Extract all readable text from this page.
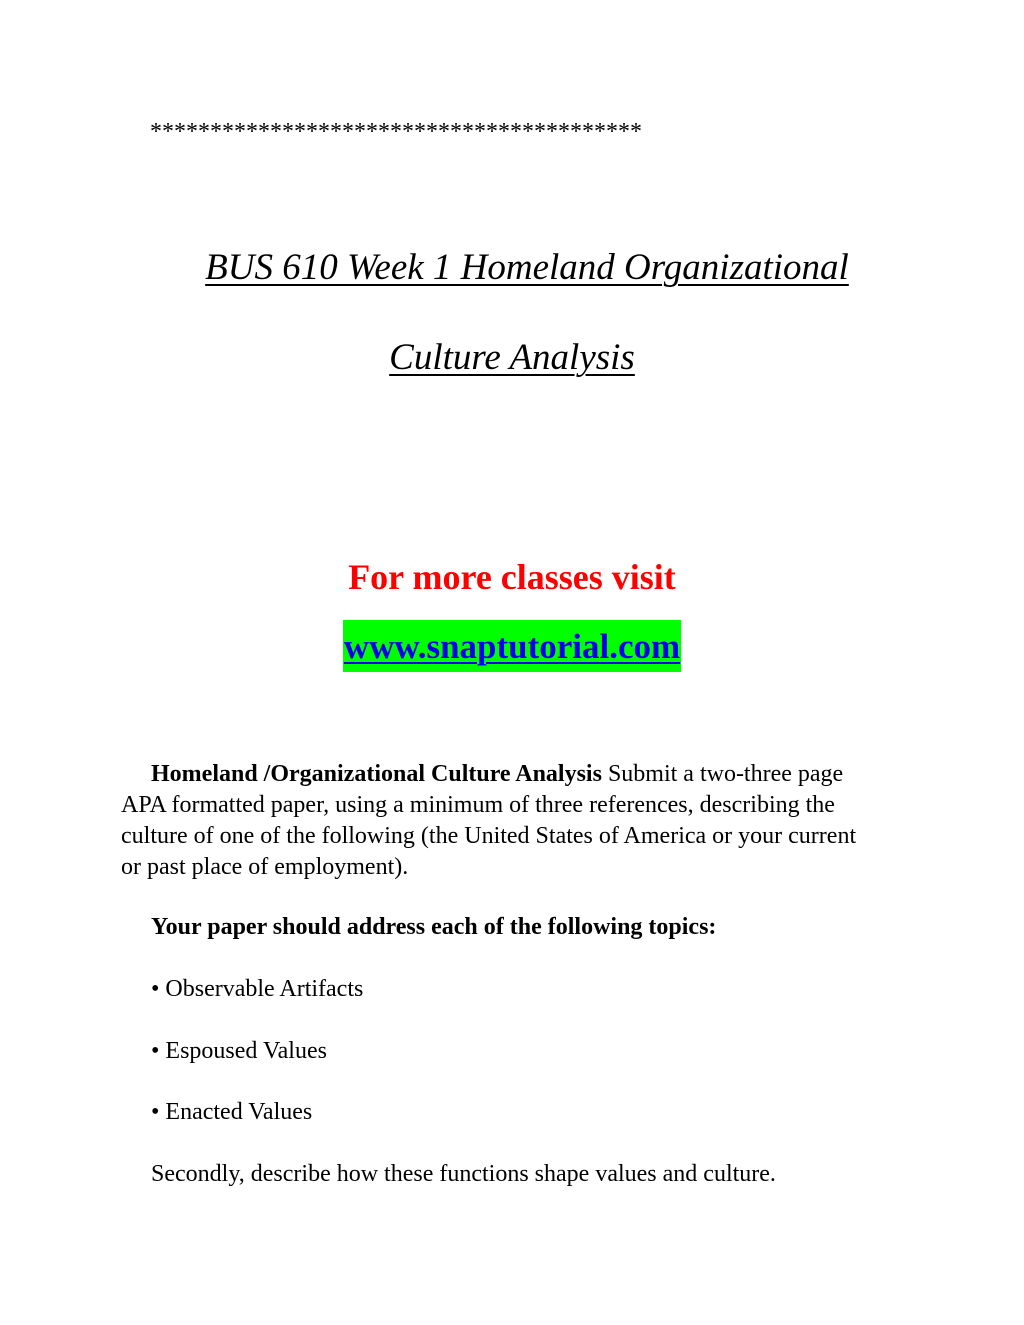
*****************************************
BUS 610 Week 1 Homeland Organizational
Culture Analysis
For more classes visit
www.snaptutorial.com
Homeland /Organizational Culture Analysis Submit a two-three page APA formatted paper, using a minimum of three references, describing the culture of one of the following (the United States of America or your current or past place of employment).
Your paper should address each of the following topics:
• Observable Artifacts
• Espoused Values
• Enacted Values
Secondly, describe how these functions shape values and culture.
